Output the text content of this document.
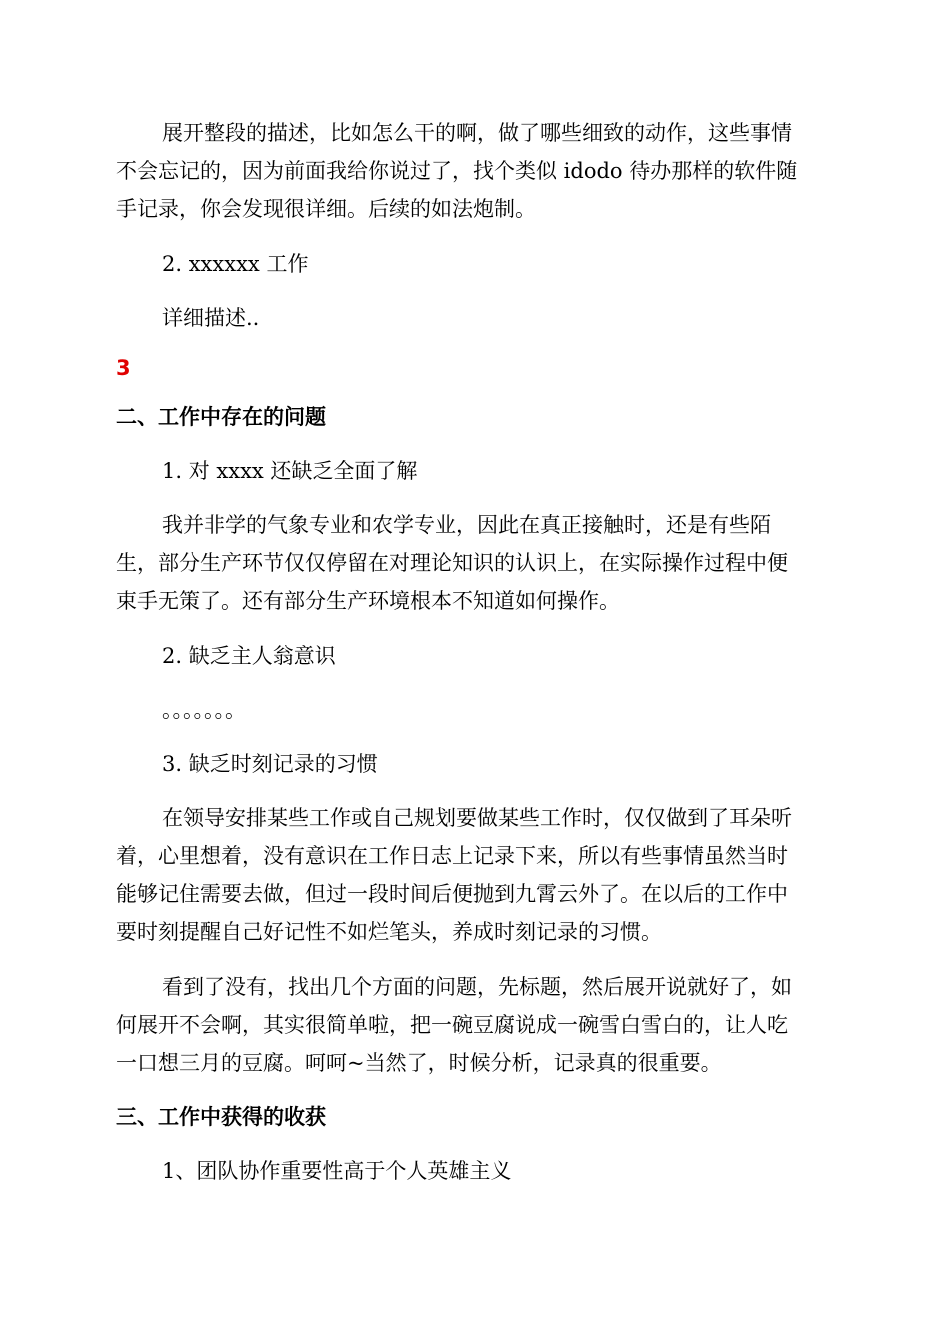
展开整段的描述，比如怎么干的啊，做了哪些细致的动作，这些事情
不会忘记的，因为前面我给你说过了，找个类似 idodo 待办那样的软件随
手记录，你会发现很详细。后续的如法炮制。
2. xxxxxx 工作
详细描述..
3
二、工作中存在的问题
1. 对 xxxx 还缺乏全面了解
我并非学的气象专业和农学专业，因此在真正接触时，还是有些陌
生，部分生产环节仅仅停留在对理论知识的认识上，在实际操作过程中便
束手无策了。还有部分生产环境根本不知道如何操作。
2. 缺乏主人翁意识
。。。。。。。
3. 缺乏时刻记录的习惯
在领导安排某些工作或自己规划要做某些工作时，仅仅做到了耳朵听
着，心里想着，没有意识在工作日志上记录下来，所以有些事情虽然当时
能够记住需要去做，但过一段时间后便抛到九霄云外了。在以后的工作中
要时刻提醒自己好记性不如烂笔头，养成时刻记录的习惯。
看到了没有，找出几个方面的问题，先标题，然后展开说就好了，如
何展开不会啊，其实很简单啦，把一碗豆腐说成一碗雪白雪白的，让人吃
一口想三月的豆腐。呵呵~当然了，时候分析，记录真的很重要。
三、工作中获得的收获
1、团队协作重要性高于个人英雄主义
